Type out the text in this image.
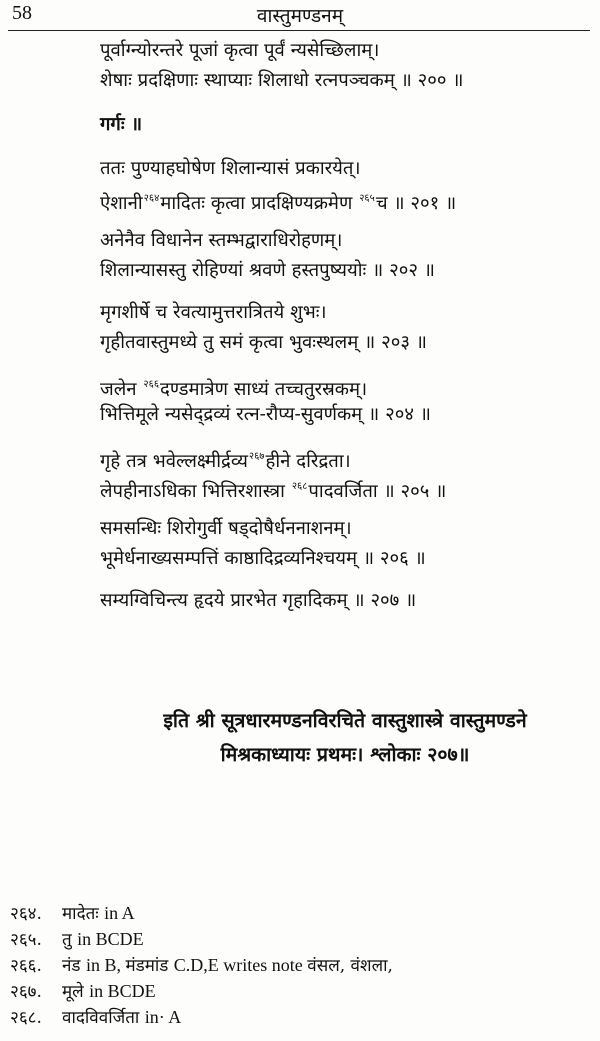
58	वास्तुमण्डनम्
पूर्वाग्न्योरन्तरे पूजां कृत्वा पूर्वं न्यसेच्छिलाम्।
शेषाः प्रदक्षिणाः स्थाप्याः शिलाधो रत्नपञ्चकम् ॥ २०० ॥
गर्गः ॥
ततः पुण्याहघोषेण शिलान्यासं प्रकारयेत्।
ऐशानी$^{२६४}$मादितः कृत्वा प्रादक्षिण्यक्रमेण $^{२६५}$च ॥ २०१ ॥
अनेनैव विधानेन स्तम्भद्वाराधिरोहणम्।
शिलान्यासस्तु रोहिण्यां श्रवणे हस्तपुष्ययोः ॥ २०२ ॥
मृगशीर्षे च रेवत्यामुत्तरात्रितये शुभः।
गृहीतवास्तुमध्ये तु समं कृत्वा भुवःस्थलम् ॥ २०३ ॥
जलेन $^{२६६}$दण्डमात्रेण साध्यं तच्चतुरस्रकम्।
भित्तिमूले न्यसेद्द्रव्यं रत्न-रौप्य-सुवर्णकम् ॥ २०४ ॥
गृहे तत्र भवेल्लक्ष्मीर्द्रव्य$^{२६७}$हीने दरिद्रता।
लेपहीनाऽधिका भित्तिरशास्त्रा $^{२६८}$पादवर्जिता ॥ २०५ ॥
समसन्धिः शिरोगुर्वी षड्दोषैर्धननाशनम्।
भूमेर्धनाख्यसम्पत्तिं काष्ठादिद्रव्यनिश्चयम् ॥ २०६ ॥
सम्यग्विचिन्त्य हृदये प्रारभेत गृहादिकम् ॥ २०७ ॥
इति श्री सूत्रधारमण्डनविरचिते वास्तुशास्त्रे वास्तुमण्डने
मिश्रकाध्यायः प्रथमः। श्लोकाः २०७॥
२६४. मादेतः in A
२६५. तु in BCDE
२६६. नंड in B, मंडमांड C.D,E writes note वंसल, वंशला,
२६७. मूले in BCDE
२६८. वादविवर्जिता in· A
